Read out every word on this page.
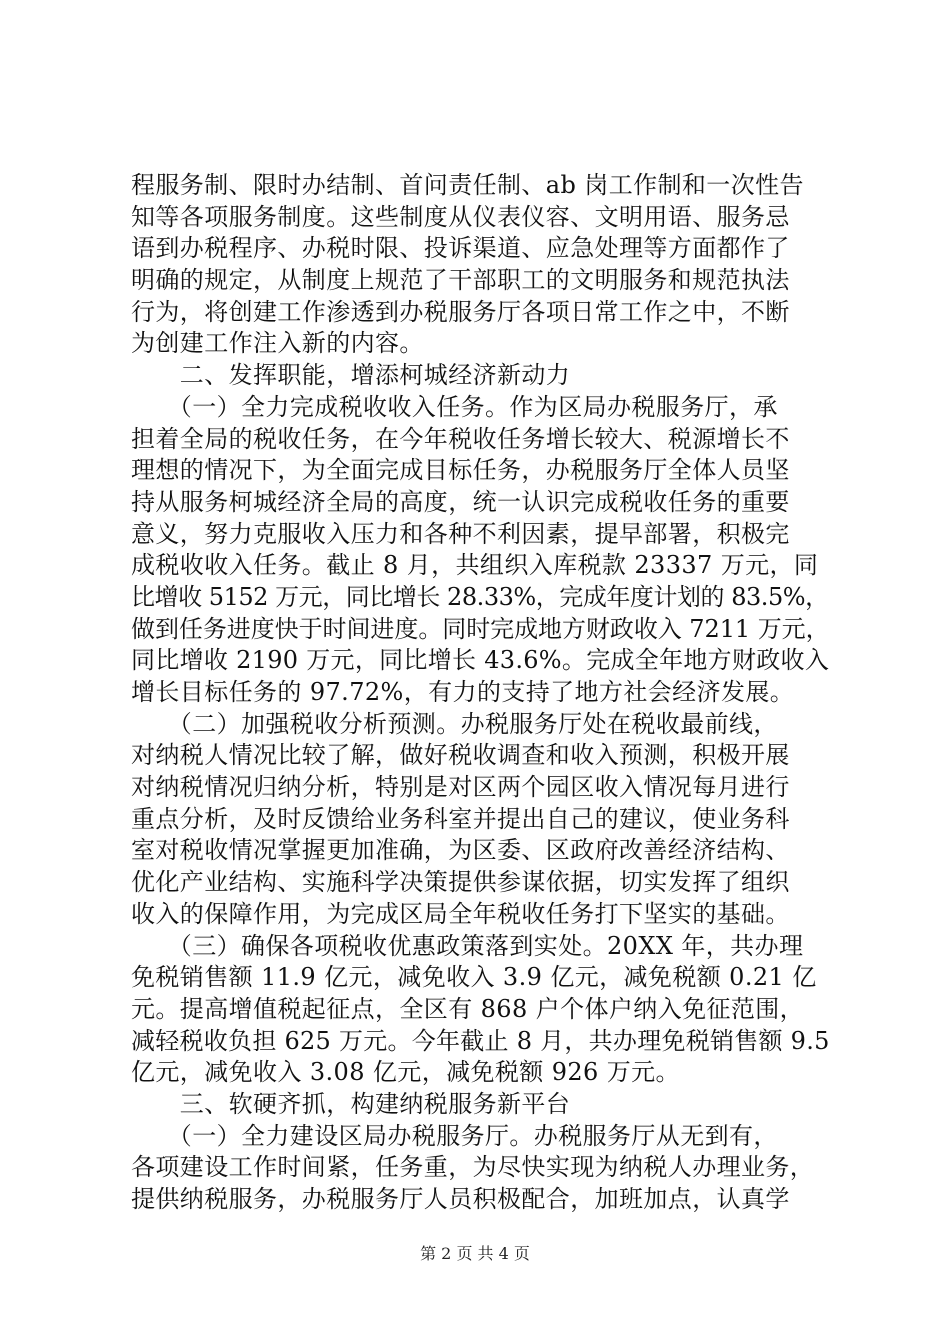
程服务制、限时办结制、首问责任制、ab 岗工作制和一次性告
知等各项服务制度。这些制度从仪表仪容、文明用语、服务忌
语到办税程序、办税时限、投诉渠道、应急处理等方面都作了
明确的规定，从制度上规范了干部职工的文明服务和规范执法
行为，将创建工作渗透到办税服务厅各项日常工作之中，不断
为创建工作注入新的内容。
　　二、发挥职能，增添柯城经济新动力
　　（一）全力完成税收收入任务。作为区局办税服务厅，承
担着全局的税收任务，在今年税收任务增长较大、税源增长不
理想的情况下，为全面完成目标任务，办税服务厅全体人员坚
持从服务柯城经济全局的高度，统一认识完成税收任务的重要
意义，努力克服收入压力和各种不利因素，提早部署，积极完
成税收收入任务。截止 8 月，共组织入库税款 23337 万元，同
比增收 5152 万元，同比增长 28.33%，完成年度计划的 83.5%，
做到任务进度快于时间进度。同时完成地方财政收入 7211 万元，
同比增收 2190 万元，同比增长 43.6%。完成全年地方财政收入
增长目标任务的 97.72%，有力的支持了地方社会经济发展。
　　（二）加强税收分析预测。办税服务厅处在税收最前线，
对纳税人情况比较了解，做好税收调查和收入预测，积极开展
对纳税情况归纳分析，特别是对区两个园区收入情况每月进行
重点分析，及时反馈给业务科室并提出自己的建议，使业务科
室对税收情况掌握更加准确，为区委、区政府改善经济结构、
优化产业结构、实施科学决策提供参谋依据，切实发挥了组织
收入的保障作用，为完成区局全年税收任务打下坚实的基础。
　　（三）确保各项税收优惠政策落到实处。20XX 年，共办理
免税销售额 11.9 亿元，减免收入 3.9 亿元，减免税额 0.21 亿
元。提高增值税起征点，全区有 868 户个体户纳入免征范围，
减轻税收负担 625 万元。今年截止 8 月，共办理免税销售额 9.5
亿元，减免收入 3.08 亿元，减免税额 926 万元。
　　三、软硬齐抓，构建纳税服务新平台
　　（一）全力建设区局办税服务厅。办税服务厅从无到有，
各项建设工作时间紧，任务重，为尽快实现为纳税人办理业务，
提供纳税服务，办税服务厅人员积极配合，加班加点，认真学
第 2 页 共 4 页
